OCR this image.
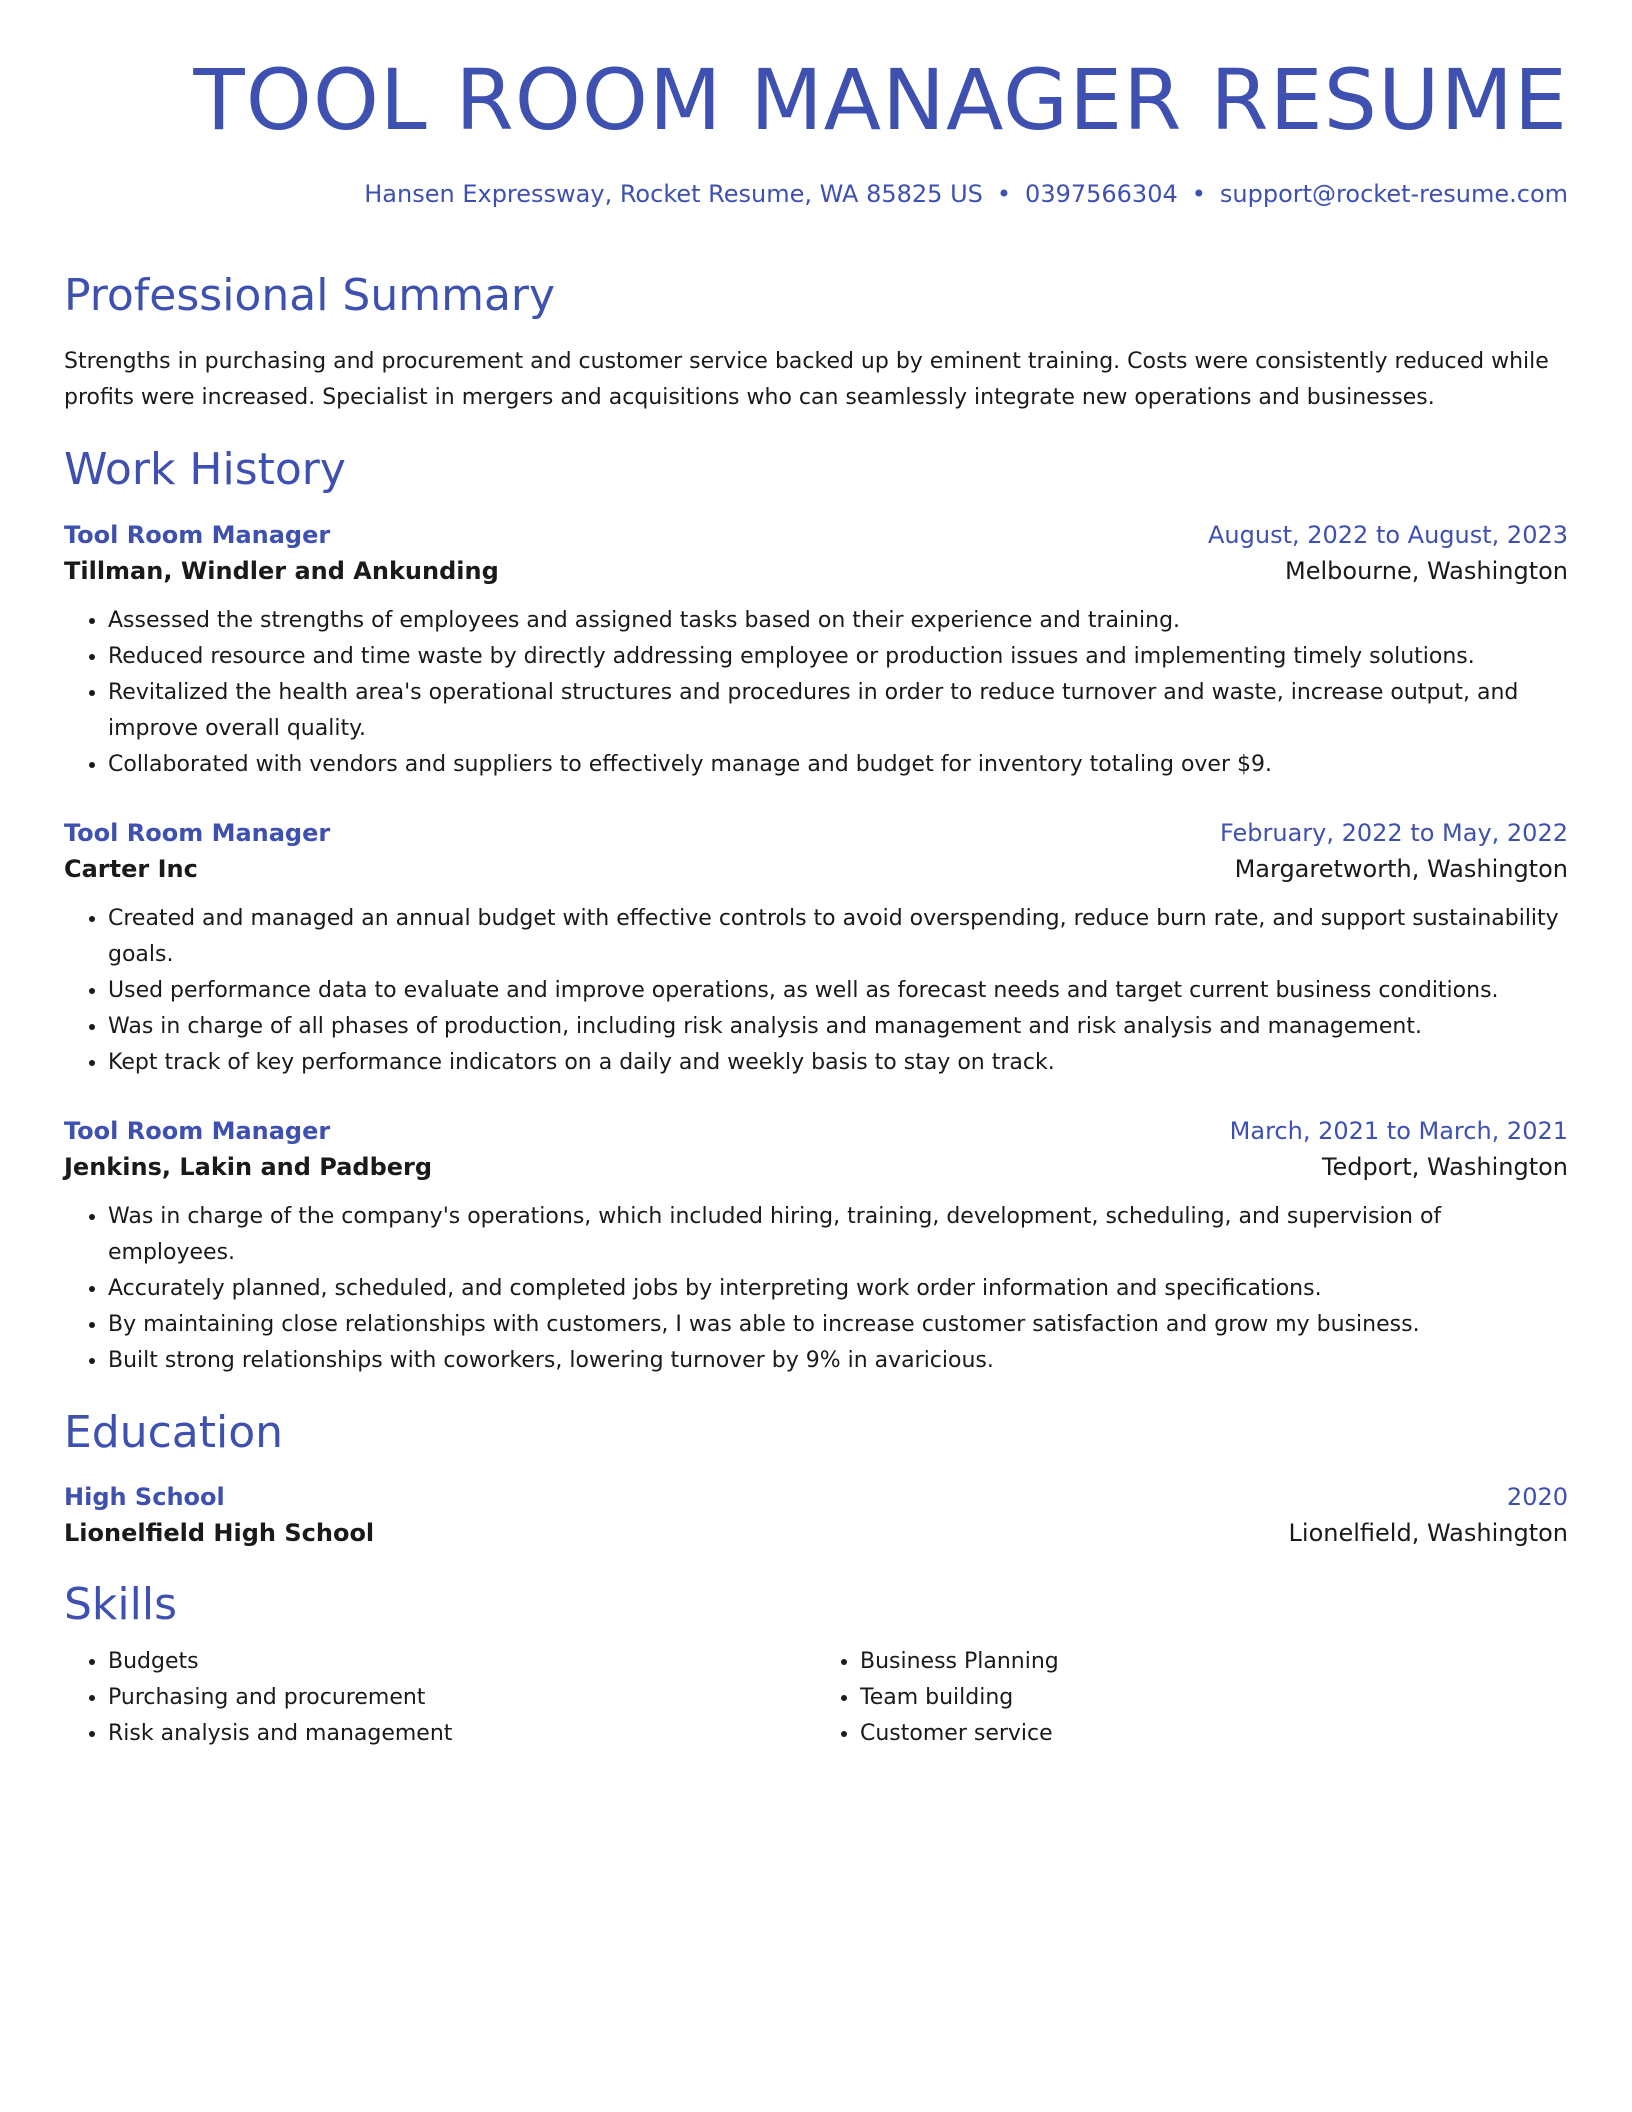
TOOL ROOM MANAGER RESUME
Hansen Expressway, Rocket Resume, WA 85825 US • 0397566304 • support@rocket-resume.com
Professional Summary
Strengths in purchasing and procurement and customer service backed up by eminent training. Costs were consistently reduced while profits were increased. Specialist in mergers and acquisitions who can seamlessly integrate new operations and businesses.
Work History
Tool Room Manager	August, 2022 to August, 2023
Tillman, Windler and Ankunding	Melbourne, Washington
• Assessed the strengths of employees and assigned tasks based on their experience and training.
• Reduced resource and time waste by directly addressing employee or production issues and implementing timely solutions.
• Revitalized the health area's operational structures and procedures in order to reduce turnover and waste, increase output, and improve overall quality.
• Collaborated with vendors and suppliers to effectively manage and budget for inventory totaling over $9.
Tool Room Manager	February, 2022 to May, 2022
Carter Inc	Margaretworth, Washington
• Created and managed an annual budget with effective controls to avoid overspending, reduce burn rate, and support sustainability goals.
• Used performance data to evaluate and improve operations, as well as forecast needs and target current business conditions.
• Was in charge of all phases of production, including risk analysis and management and risk analysis and management.
• Kept track of key performance indicators on a daily and weekly basis to stay on track.
Tool Room Manager	March, 2021 to March, 2021
Jenkins, Lakin and Padberg	Tedport, Washington
• Was in charge of the company's operations, which included hiring, training, development, scheduling, and supervision of employees.
• Accurately planned, scheduled, and completed jobs by interpreting work order information and specifications.
• By maintaining close relationships with customers, I was able to increase customer satisfaction and grow my business.
• Built strong relationships with coworkers, lowering turnover by 9% in avaricious.
Education
High School	2020
Lionelfield High School	Lionelfield, Washington
Skills
• Budgets
• Purchasing and procurement
• Risk analysis and management
• Business Planning
• Team building
• Customer service
